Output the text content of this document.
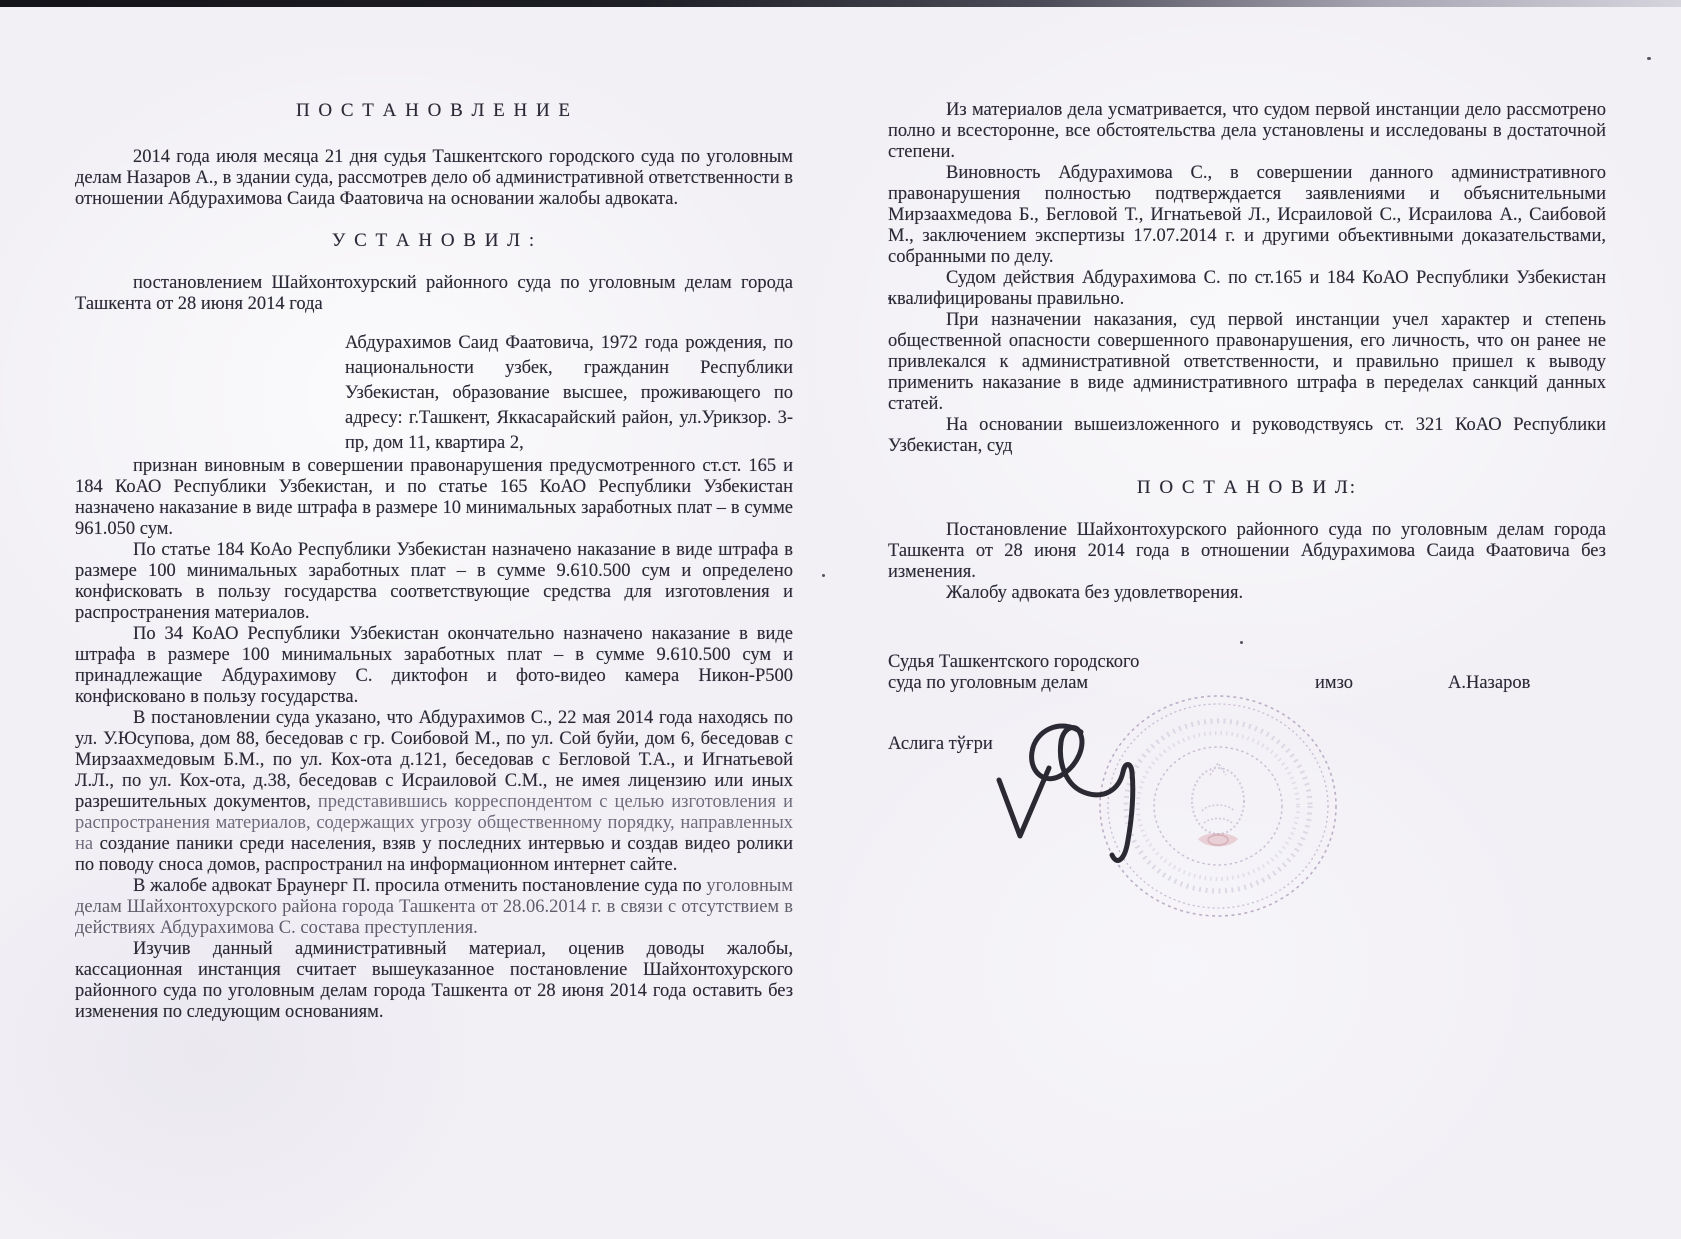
П О С Т А Н О В Л Е Н И Е

2014 года июля месяца 21 дня судья Ташкентского городского суда по уголовным делам Назаров А., в здании суда, рассмотрев дело об административной ответственности в отношении Абдурахимова Саида Фаатовича на основании жалобы адвоката.

У С Т А Н О В И Л :

постановлением Шайхонтохурский районного суда по уголовным делам города Ташкента от 28 июня 2014 года

Абдурахимов Саид Фаатовича, 1972 года рождения, по национальности узбек, гражданин Республики Узбекистан, образование высшее, проживающего по адресу: г.Ташкент, Яккасарайский район, ул.Урикзор. 3-пр, дом 11, квартира 2,

признан виновным в совершении правонарушения предусмотренного ст.ст. 165 и 184 КоАО Республики Узбекистан, и по статье 165 КоАО Республики Узбекистан назначено наказание в виде штрафа в размере 10 минимальных заработных плат – в сумме 961.050 сум.

По статье 184 КоАо Республики Узбекистан назначено наказание в виде штрафа в размере 100 минимальных заработных плат – в сумме 9.610.500 сум и определено конфисковать в пользу государства соответствующие средства для изготовления и распространения материалов.

По 34 КоАО Республики Узбекистан окончательно назначено наказание в виде штрафа в размере 100 минимальных заработных плат – в сумме 9.610.500 сум и принадлежащие Абдурахимову С. диктофон и фото-видео камера Никон-Р500 конфисковано в пользу государства.

В постановлении суда указано, что Абдурахимов С., 22 мая 2014 года находясь по ул. У.Юсупова, дом 88, беседовав с гр. Соибовой М., по ул. Сой буйи, дом 6, беседовав с Мирзаахмедовым Б.М., по ул. Кох-ота д.121, беседовав с Бегловой Т.А., и Игнатьевой Л.Л., по ул. Кох-ота, д.38, беседовав с Исраиловой С.М., не имея лицензию или иных разрешительных документов, представившись корреспондентом с целью изготовления и распространения материалов, содержащих угрозу общественному порядку, направленных на создание паники среди населения, взяв у последних интервью и создав видео ролики по поводу сноса домов, распространил на информационном интернет сайте.

В жалобе адвокат Браунерг П. просила отменить постановление суда по уголовным делам Шайхонтохурского района города Ташкента от 28.06.2014 г. в связи с отсутствием в действиях Абдурахимова С. состава преступления.

Изучив данный административный материал, оценив доводы жалобы, кассационная инстанция считает вышеуказанное постановление Шайхонтохурского районного суда по уголовным делам города Ташкента от 28 июня 2014 года оставить без изменения по следующим основаниям.

Из материалов дела усматривается, что судом первой инстанции дело рассмотрено полно и всесторонне, все обстоятельства дела установлены и исследованы в достаточной степени.

Виновность Абдурахимова С., в совершении данного административного правонарушения полностью подтверждается заявлениями и объяснительными Мирзаахмедова Б., Бегловой Т., Игнатьевой Л., Исраиловой С., Исраилова А., Саибовой М., заключением экспертизы 17.07.2014 г. и другими объективными доказательствами, собранными по делу.

Судом действия Абдурахимова С. по ст.165 и 184 КоАО Республики Узбекистан квалифицированы правильно.

При назначении наказания, суд первой инстанции учел характер и степень общественной опасности совершенного правонарушения, его личность, что он ранее не привлекался к административной ответственности, и правильно пришел к выводу применить наказание в виде административного штрафа в переделах санкций данных статей.

На основании вышеизложенного и руководствуясь ст. 321 КоАО Республики Узбекистан, суд

П О С Т А Н О В И Л:

Постановление Шайхонтохурского районного суда по уголовным делам города Ташкента от 28 июня 2014 года в отношении Абдурахимова Саида Фаатовича без изменения.

Жалобу адвоката без удовлетворения.

Судья Ташкентского городского
суда по уголовным делам	имзо	А.Назаров
Аслига тўғри
